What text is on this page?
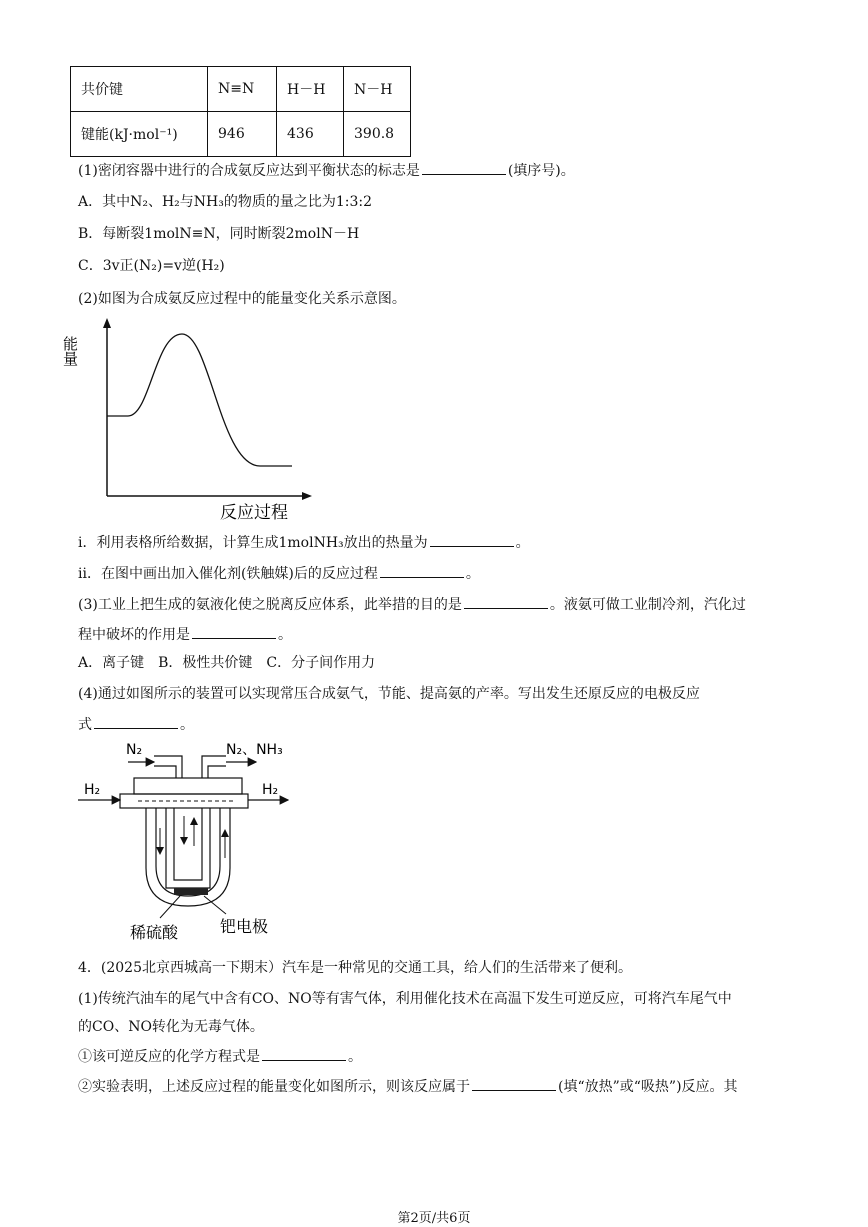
共价键	N≡N	H－H	N－H
键能(kJ·mol⁻¹)	946	436	390.8
(1)密闭容器中进行的合成氨反应达到平衡状态的标志是	(填序号)。
A．其中N₂、H₂与NH₃的物质的量之比为1:3:2
B．每断裂1molN≡N，同时断裂2molN－H
C．3v正(N₂)=v逆(H₂)
(2)如图为合成氨反应过程中的能量变化关系示意图。
能量
反应过程
i．利用表格所给数据，计算生成1molNH₃放出的热量为	。
ii．在图中画出加入催化剂(铁触媒)后的反应过程	。
(3)工业上把生成的氨液化使之脱离反应体系，此举措的目的是	。液氨可做工业制冷剂，汽化过
程中破坏的作用是	。
A．离子键　B．极性共价键　C．分子间作用力
(4)通过如图所示的装置可以实现常压合成氨气，节能、提高氨的产率。写出发生还原反应的电极反应
式	。
N₂	N₂、NH₃
H₂	H₂
稀硫酸	钯电极
4．(2025北京西城高一下期末）汽车是一种常见的交通工具，给人们的生活带来了便利。
(1)传统汽油车的尾气中含有CO、NO等有害气体，利用催化技术在高温下发生可逆反应，可将汽车尾气中
的CO、NO转化为无毒气体。
①该可逆反应的化学方程式是	。
②实验表明，上述反应过程的能量变化如图所示，则该反应属于	(填“放热”或“吸热”)反应。其
第2页/共6页
